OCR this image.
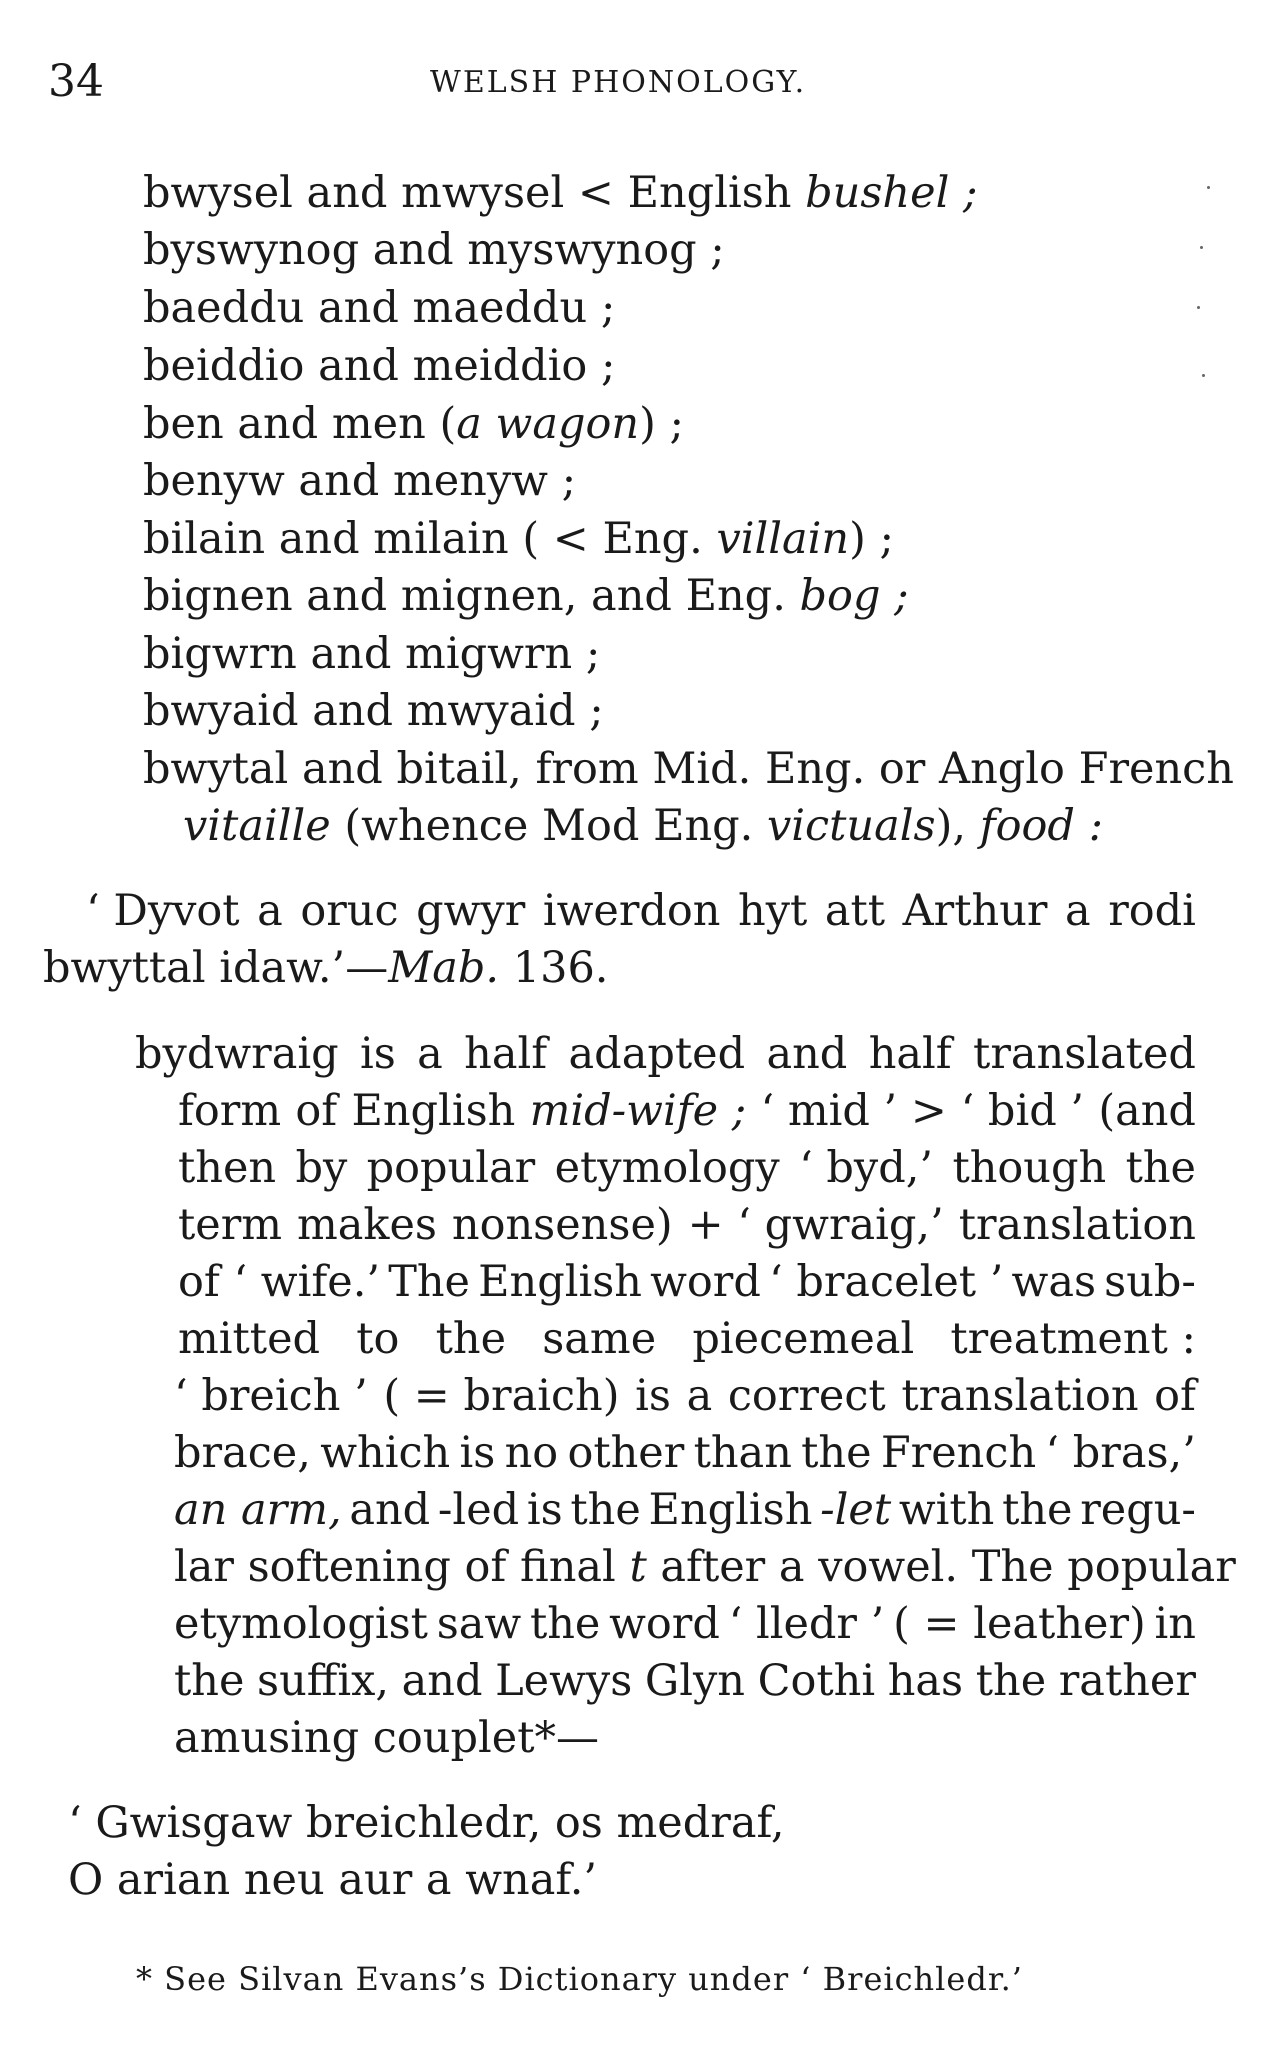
34	WELSH PHONOLOGY.
bwysel and mwysel < English bushel ;
byswynog and myswynog ;
baeddu and maeddu ;
beiddio and meiddio ;
ben and men (a wagon) ;
benyw and menyw ;
bilain and milain ( < Eng. villain) ;
bignen and mignen, and Eng. bog ;
bigwrn and migwrn ;
bwyaid and mwyaid ;
bwytal and bitail, from Mid. Eng. or Anglo French
vitaille (whence Mod Eng. victuals), food :
‘ Dyvot a oruc gwyr iwerdon hyt att Arthur a rodi
bwyttal idaw.’—Mab. 136.
bydwraig is a half adapted and half translated
form of English mid-wife ; ‘ mid ’ > ‘ bid ’ (and
then by popular etymology ‘ byd,’ though the
term makes nonsense) + ‘ gwraig,’ translation
of ‘ wife.’ The English word ‘ bracelet ’ was sub-
mitted to the same piecemeal treatment :
‘ breich ’ ( = braich) is a correct translation of
brace, which is no other than the French ‘ bras,’
an arm, and -led is the English -let with the regu-
lar softening of final t after a vowel. The popular
etymologist saw the word ‘ lledr ’ ( = leather) in
the suffix, and Lewys Glyn Cothi has the rather
amusing couplet*—
‘ Gwisgaw breichledr, os medraf,
O arian neu aur a wnaf.’
* See Silvan Evans’s Dictionary under ‘ Breichledr.’
